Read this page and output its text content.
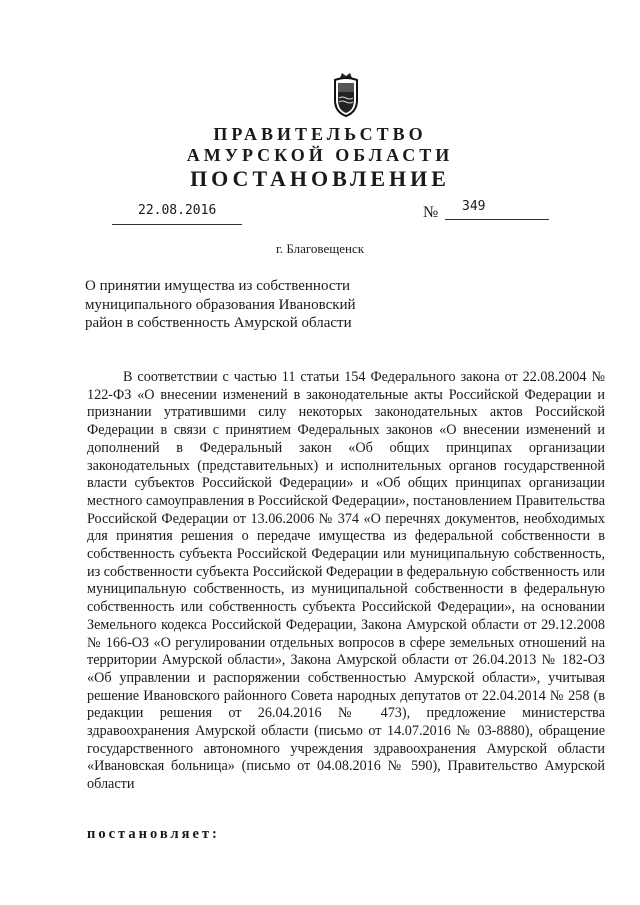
ПРАВИТЕЛЬСТВО
АМУРСКОЙ ОБЛАСТИ
ПОСТАНОВЛЕНИЕ
22.08.2016	№ 349
г. Благовещенск
О принятии имущества из собственности муниципального образования Ивановский район в собственность Амурской области

В соответствии с частью 11 статьи 154 Федерального закона от 22.08.2004 № 122-ФЗ «О внесении изменений в законодательные акты Российской Федерации и признании утратившими силу некоторых законодательных актов Российской Федерации в связи с принятием Федеральных законов «О внесении изменений и дополнений в Федеральный закон «Об общих принципах организации законодательных (представительных) и исполнительных органов государственной власти субъектов Российской Федерации» и «Об общих принципах организации местного самоуправления в Российской Федерации», постановлением Правительства Российской Федерации от 13.06.2006 № 374 «О перечнях документов, необходимых для принятия решения о передаче имущества из федеральной собственности в собственность субъекта Российской Федерации или муниципальную собственность, из собственности субъекта Российской Федерации в федеральную собственность или муниципальную собственность, из муниципальной собственности в федеральную собственность или собственность субъекта Российской Федерации», на основании Земельного кодекса Российской Федерации, Закона Амурской области от 29.12.2008 № 166-ОЗ «О регулировании отдельных вопросов в сфере земельных отношений на территории Амурской области», Закона Амурской области от 26.04.2013 № 182-ОЗ «Об управлении и распоряжении собственностью Амурской области», учитывая решение Ивановского районного Совета народных депутатов от 22.04.2014 № 258 (в редакции решения от 26.04.2016 № 473), предложение министерства здравоохранения Амурской области (письмо от 14.07.2016 № 03-8880), обращение государственного автономного учреждения здравоохранения Амурской области «Ивановская больница» (письмо от 04.08.2016 № 590), Правительство Амурской области

постановляет:
